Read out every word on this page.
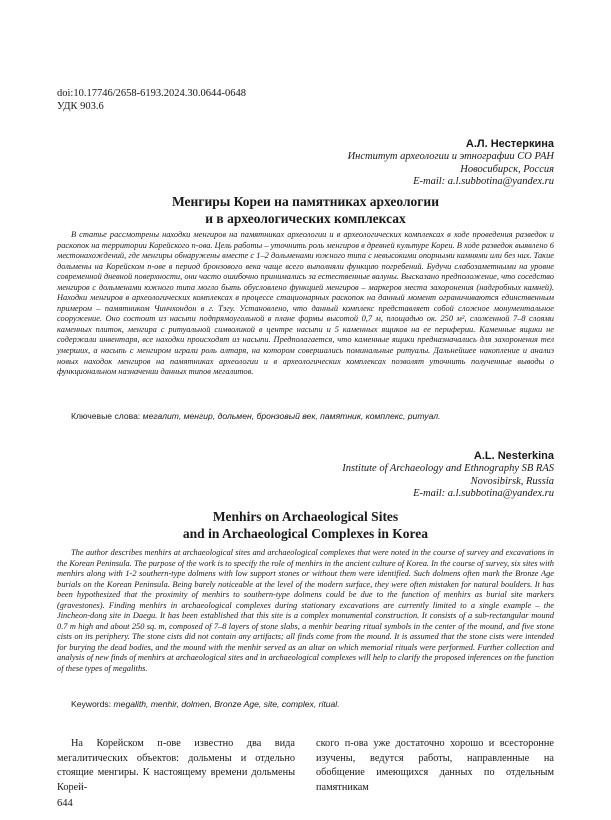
doi:10.17746/2658-6193.2024.30.0644-0648
УДК 903.6
А.Л. Нестеркина
Институт археологии и этнографии СО РАН
Новосибирск, Россия
E-mail: a.l.subbotina@yandex.ru
Менгиры Кореи на памятниках археологии
и в археологических комплексах

В статье рассмотрены находки менгиров на памятниках археологии и в археологических комплексах в ходе проведения разведок и раскопок на территории Корейского п-ова. Цель работы – уточнить роль менгиров в древней культуре Кореи. В ходе разведок выявлено 6 местонахождений, где менгиры обнаружены вместе с 1–2 дольменами южного типа с невысокими опорными камнями или без них. Такие дольмены на Корейском п-ове в период бронзового века чаще всего выполняли функцию погребений. Будучи слабозаметными на уровне современной дневной поверхности, они часто ошибочно принимались за естественные валуны. Высказано предположение, что соседство менгиров с дольменами южного типа могло быть обусловлено функцией менгиров – маркеров места захоронения (надгробных камней). Находки менгиров в археологических комплексах в процессе стационарных раскопок на данный момент ограничиваются единственным примером – памятником Чинчхондон в г. Тэгу. Установлено, что данный комплекс представляет собой сложное монументальное сооружение. Оно состоит из насыпи подпрямоугольной в плане формы высотой 0,7 м, площадью ок. 250 м², сложенной 7–8 слоями каменных плиток, менгира с ритуальной символикой в центре насыпи и 5 каменных ящиков на ее периферии. Каменные ящики не содержали инвентаря, все находки происходят из насыпи. Предполагается, что каменные ящики предназначались для захоронения тел умерших, а насыпь с менгиром играли роль алтаря, на котором совершались поминальные ритуалы. Дальнейшее накопление и анализ новых находок менгиров на памятниках археологии и в археологических комплексах позволят уточнить полученные выводы о функциональном назначении данных типов мегалитов.

Ключевые слова: мегалит, менгир, дольмен, бронзовый век, памятник, комплекс, ритуал.
A.L. Nesterkina
Institute of Archaeology and Ethnography SB RAS
Novosibirsk, Russia
E-mail: a.l.subbotina@yandex.ru
Menhirs on Archaeological Sites
and in Archaeological Complexes in Korea

The author describes menhirs at archaeological sites and archaeological complexes that were noted in the course of survey and excavations in the Korean Peninsula. The purpose of the work is to specify the role of menhirs in the ancient culture of Korea. In the course of survey, six sites with menhirs along with 1-2 southern-type dolmens with low support stones or without them were identified. Such dolmens often mark the Bronze Age burials on the Korean Peninsula. Being barely noticeable at the level of the modern surface, they were often mistaken for natural boulders. It has been hypothesized that the proximity of menhirs to southern-type dolmens could be due to the function of menhirs as burial site markers (gravestones). Finding menhirs in archaeological complexes during stationary excavations are currently limited to a single example – the Jincheon-dong site in Daegu. It has been established that this site is a complex monumental construction. It consists of a sub-rectangular mound 0.7 m high and about 250 sq. m, composed of 7–8 layers of stone slabs, a menhir bearing ritual symbols in the center of the mound, and five stone cists on its periphery. The stone cists did not contain any artifacts; all finds come from the mound. It is assumed that the stone cists were intended for burying the dead bodies, and the mound with the menhir served as an altar on which memorial rituals were performed. Further collection and analysis of new finds of menhirs at archaeological sites and in archaeological complexes will help to clarify the proposed inferences on the function of these types of megaliths.

Keywords: megalith, menhir, dolmen, Bronze Age, site, complex, ritual.

На Корейском п-ове известно два вида мегалитических объектов: дольмены и отдельно стоящие менгиры. К настоящему времени дольмены Корей-

ского п-ова уже достаточно хорошо и всесторонне изучены, ведутся работы, направленные на обобщение имеющихся данных по отдельным памятникам

644
